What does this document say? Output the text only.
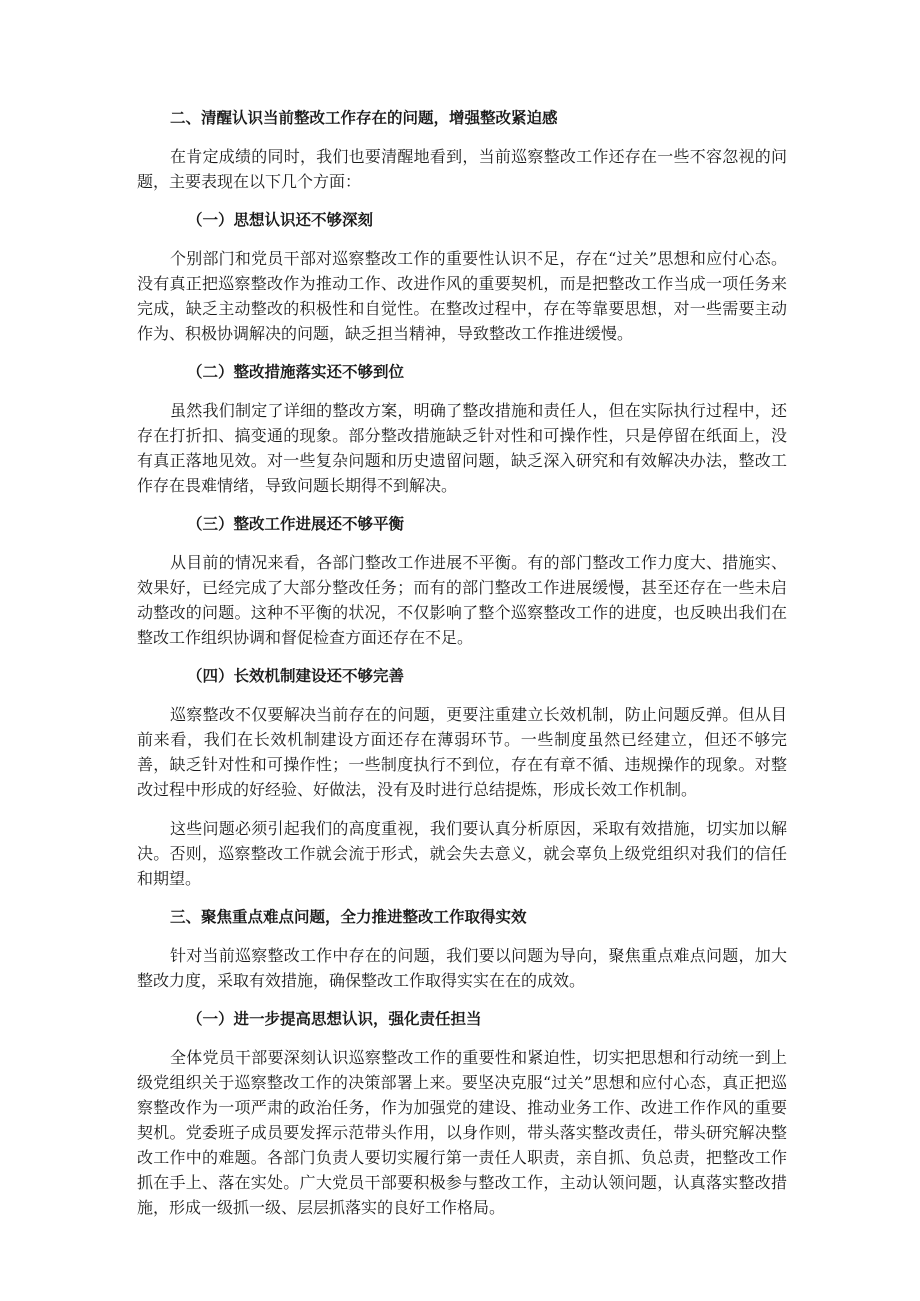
二、清醒认识当前整改工作存在的问题，增强整改紧迫感

在肯定成绩的同时，我们也要清醒地看到，当前巡察整改工作还存在一些不容忽视的问题，主要表现在以下几个方面：

（一）思想认识还不够深刻

个别部门和党员干部对巡察整改工作的重要性认识不足，存在“过关”思想和应付心态。没有真正把巡察整改作为推动工作、改进作风的重要契机，而是把整改工作当成一项任务来完成，缺乏主动整改的积极性和自觉性。在整改过程中，存在等靠要思想，对一些需要主动作为、积极协调解决的问题，缺乏担当精神，导致整改工作推进缓慢。

（二）整改措施落实还不够到位

虽然我们制定了详细的整改方案，明确了整改措施和责任人，但在实际执行过程中，还存在打折扣、搞变通的现象。部分整改措施缺乏针对性和可操作性，只是停留在纸面上，没有真正落地见效。对一些复杂问题和历史遗留问题，缺乏深入研究和有效解决办法，整改工作存在畏难情绪，导致问题长期得不到解决。

（三）整改工作进展还不够平衡

从目前的情况来看，各部门整改工作进展不平衡。有的部门整改工作力度大、措施实、效果好，已经完成了大部分整改任务；而有的部门整改工作进展缓慢，甚至还存在一些未启动整改的问题。这种不平衡的状况，不仅影响了整个巡察整改工作的进度，也反映出我们在整改工作组织协调和督促检查方面还存在不足。

（四）长效机制建设还不够完善

巡察整改不仅要解决当前存在的问题，更要注重建立长效机制，防止问题反弹。但从目前来看，我们在长效机制建设方面还存在薄弱环节。一些制度虽然已经建立，但还不够完善，缺乏针对性和可操作性；一些制度执行不到位，存在有章不循、违规操作的现象。对整改过程中形成的好经验、好做法，没有及时进行总结提炼，形成长效工作机制。

这些问题必须引起我们的高度重视，我们要认真分析原因，采取有效措施，切实加以解决。否则，巡察整改工作就会流于形式，就会失去意义，就会辜负上级党组织对我们的信任和期望。

三、聚焦重点难点问题，全力推进整改工作取得实效

针对当前巡察整改工作中存在的问题，我们要以问题为导向，聚焦重点难点问题，加大整改力度，采取有效措施，确保整改工作取得实实在在的成效。

（一）进一步提高思想认识，强化责任担当

全体党员干部要深刻认识巡察整改工作的重要性和紧迫性，切实把思想和行动统一到上级党组织关于巡察整改工作的决策部署上来。要坚决克服“过关”思想和应付心态，真正把巡察整改作为一项严肃的政治任务，作为加强党的建设、推动业务工作、改进工作作风的重要契机。党委班子成员要发挥示范带头作用，以身作则，带头落实整改责任，带头研究解决整改工作中的难题。各部门负责人要切实履行第一责任人职责，亲自抓、负总责，把整改工作抓在手上、落在实处。广大党员干部要积极参与整改工作，主动认领问题，认真落实整改措施，形成一级抓一级、层层抓落实的良好工作格局。
